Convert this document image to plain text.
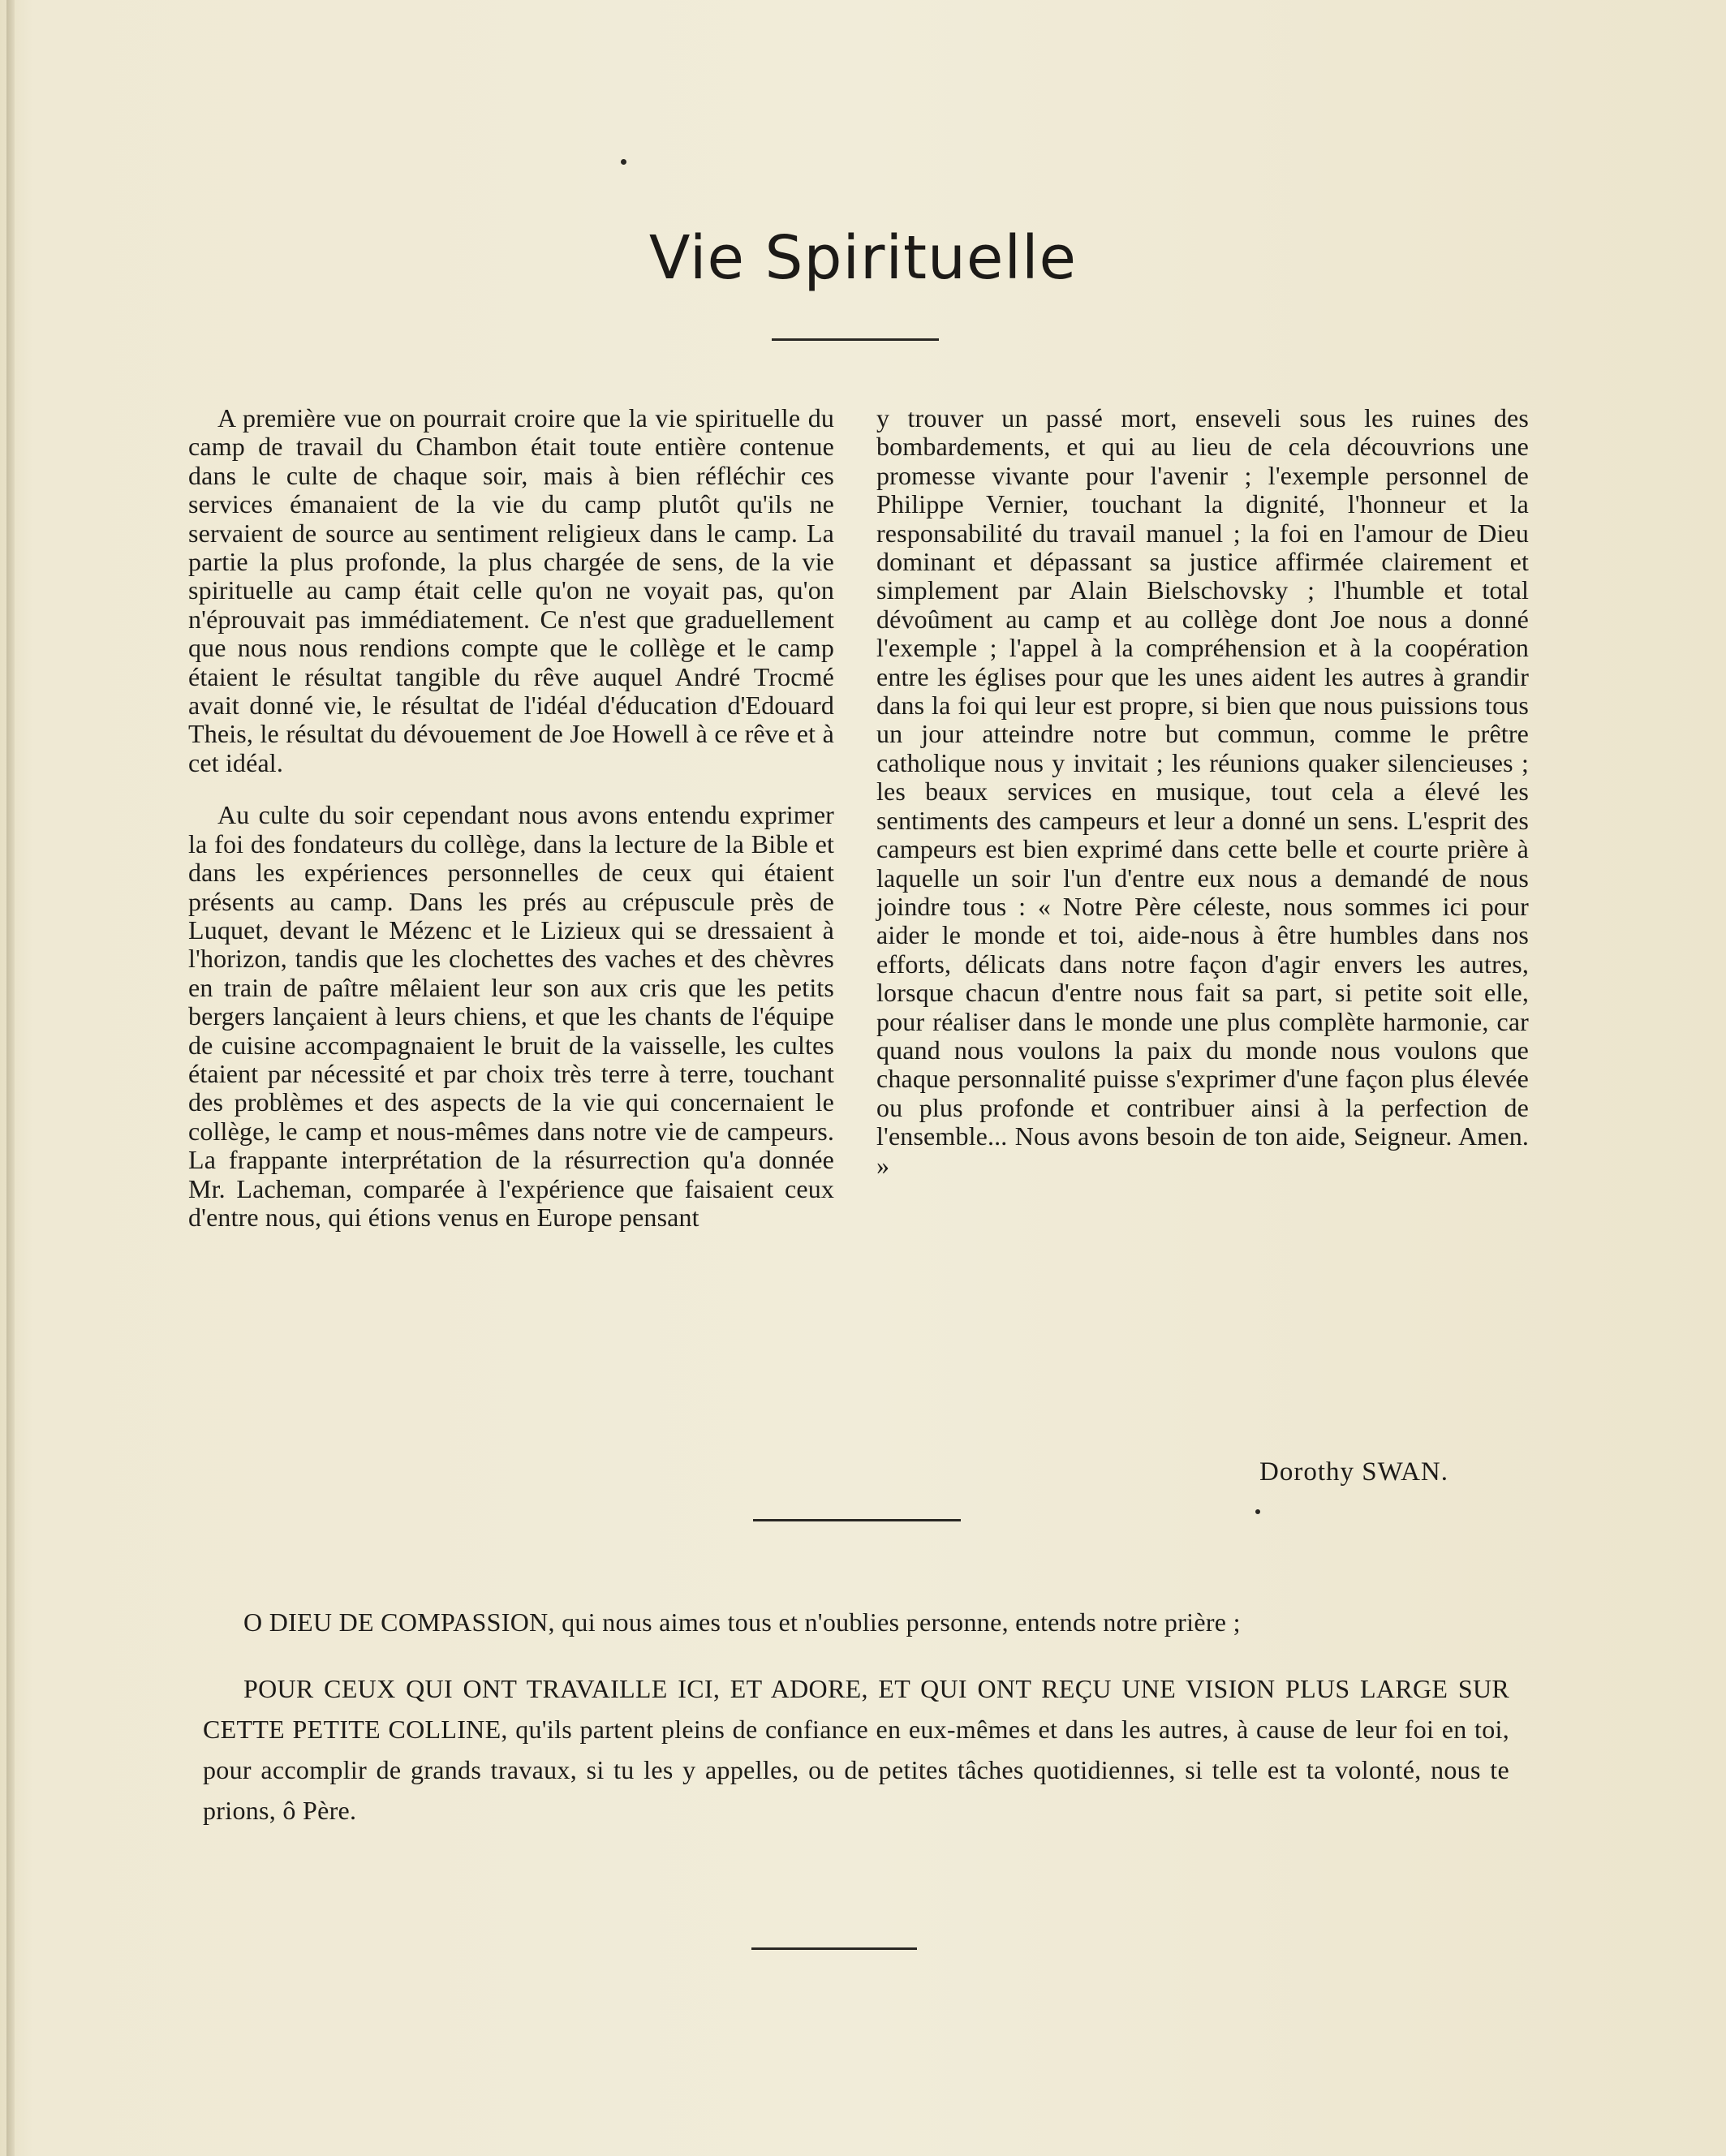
Vie Spirituelle

A première vue on pourrait croire que la vie spirituelle du camp de travail du Chambon était toute entière contenue dans le culte de chaque soir, mais à bien réfléchir ces services émanaient de la vie du camp plutôt qu'ils ne servaient de source au sentiment religieux dans le camp. La partie la plus profonde, la plus chargée de sens, de la vie spirituelle au camp était celle qu'on ne voyait pas, qu'on n'éprouvait pas immédiatement. Ce n'est que graduellement que nous nous rendions compte que le collège et le camp étaient le résultat tangible du rêve auquel André Trocmé avait donné vie, le résultat de l'idéal d'éducation d'Edouard Theis, le résultat du dévouement de Joe Howell à ce rêve et à cet idéal.

Au culte du soir cependant nous avons entendu exprimer la foi des fondateurs du collège, dans la lecture de la Bible et dans les expériences personnelles de ceux qui étaient présents au camp. Dans les prés au crépuscule près de Luquet, devant le Mézenc et le Lizieux qui se dressaient à l'horizon, tandis que les clochettes des vaches et des chèvres en train de paître mêlaient leur son aux cris que les petits bergers lançaient à leurs chiens, et que les chants de l'équipe de cuisine accompagnaient le bruit de la vaisselle, les cultes étaient par nécessité et par choix très terre à terre, touchant des problèmes et des aspects de la vie qui concernaient le collège, le camp et nous-mêmes dans notre vie de campeurs. La frappante interprétation de la résurrection qu'a donnée Mr. Lacheman, comparée à l'expérience que faisaient ceux d'entre nous, qui étions venus en Europe pensant

y trouver un passé mort, enseveli sous les ruines des bombardements, et qui au lieu de cela découvrions une promesse vivante pour l'avenir ; l'exemple personnel de Philippe Vernier, touchant la dignité, l'honneur et la responsabilité du travail manuel ; la foi en l'amour de Dieu dominant et dépassant sa justice affirmée clairement et simplement par Alain Bielschovsky ; l'humble et total dévoûment au camp et au collège dont Joe nous a donné l'exemple ; l'appel à la compréhension et à la coopération entre les églises pour que les unes aident les autres à grandir dans la foi qui leur est propre, si bien que nous puissions tous un jour atteindre notre but commun, comme le prêtre catholique nous y invitait ; les réunions quaker silencieuses ; les beaux services en musique, tout cela a élevé les sentiments des campeurs et leur a donné un sens. L'esprit des campeurs est bien exprimé dans cette belle et courte prière à laquelle un soir l'un d'entre eux nous a demandé de nous joindre tous : « Notre Père céleste, nous sommes ici pour aider le monde et toi, aide-nous à être humbles dans nos efforts, délicats dans notre façon d'agir envers les autres, lorsque chacun d'entre nous fait sa part, si petite soit elle, pour réaliser dans le monde une plus complète harmonie, car quand nous voulons la paix du monde nous voulons que chaque personnalité puisse s'exprimer d'une façon plus élevée ou plus profonde et contribuer ainsi à la perfection de l'ensemble... Nous avons besoin de ton aide, Seigneur. Amen. »

Dorothy SWAN.

O DIEU DE COMPASSION, qui nous aimes tous et n'oublies personne, entends notre prière ;

POUR CEUX QUI ONT TRAVAILLE ICI, ET ADORE, ET QUI ONT REÇU UNE VISION PLUS LARGE SUR CETTE PETITE COLLINE, qu'ils partent pleins de confiance en eux-mêmes et dans les autres, à cause de leur foi en toi, pour accomplir de grands travaux, si tu les y appelles, ou de petites tâches quotidiennes, si telle est ta volonté, nous te prions, ô Père.
